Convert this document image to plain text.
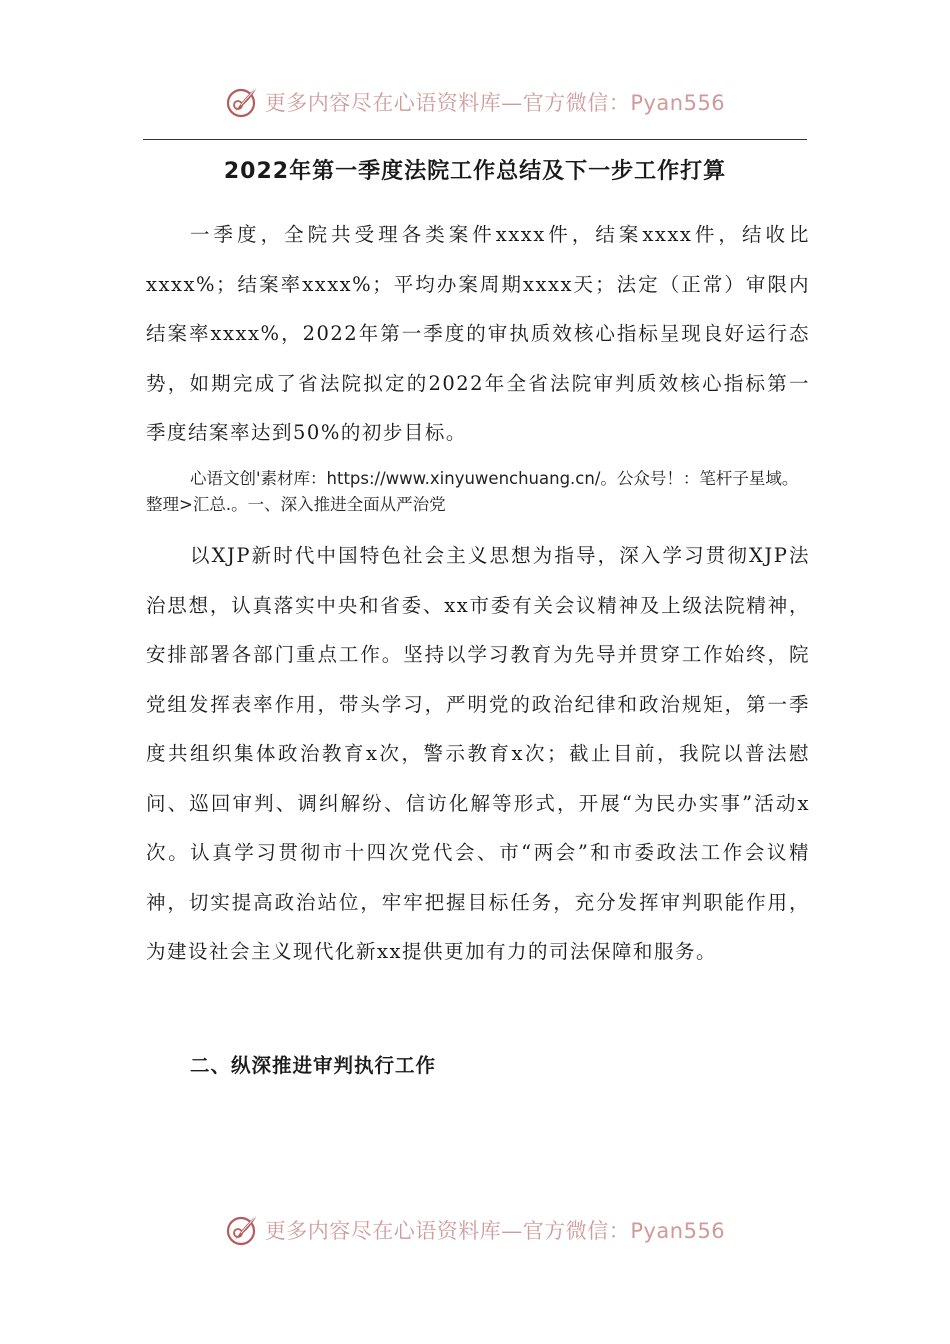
更多内容尽在心语资料库—官方微信：Pyan556
2022年第一季度法院工作总结及下一步工作打算

一季度，全院共受理各类案件xxxx件，结案xxxx件，结收比xxxx%；结案率xxxx%；平均办案周期xxxx天；法定（正常）审限内结案率xxxx%，2022年第一季度的审执质效核心指标呈现良好运行态势，如期完成了省法院拟定的2022年全省法院审判质效核心指标第一季度结案率达到50%的初步目标。

心语文创'素材库：https://www.xinyuwenchuang.cn/。公众号！：笔杆子星域。整理>汇总.。一、深入推进全面从严治党

以XJP新时代中国特色社会主义思想为指导，深入学习贯彻XJP法治思想，认真落实中央和省委、xx市委有关会议精神及上级法院精神，安排部署各部门重点工作。坚持以学习教育为先导并贯穿工作始终，院党组发挥表率作用，带头学习，严明党的政治纪律和政治规矩，第一季度共组织集体政治教育x次，警示教育x次；截止目前，我院以普法慰问、巡回审判、调纠解纷、信访化解等形式，开展“为民办实事”活动x次。认真学习贯彻市十四次党代会、市“两会”和市委政法工作会议精神，切实提高政治站位，牢牢把握目标任务，充分发挥审判职能作用，为建设社会主义现代化新xx提供更加有力的司法保障和服务。

二、纵深推进审判执行工作

更多内容尽在心语资料库—官方微信：Pyan556
